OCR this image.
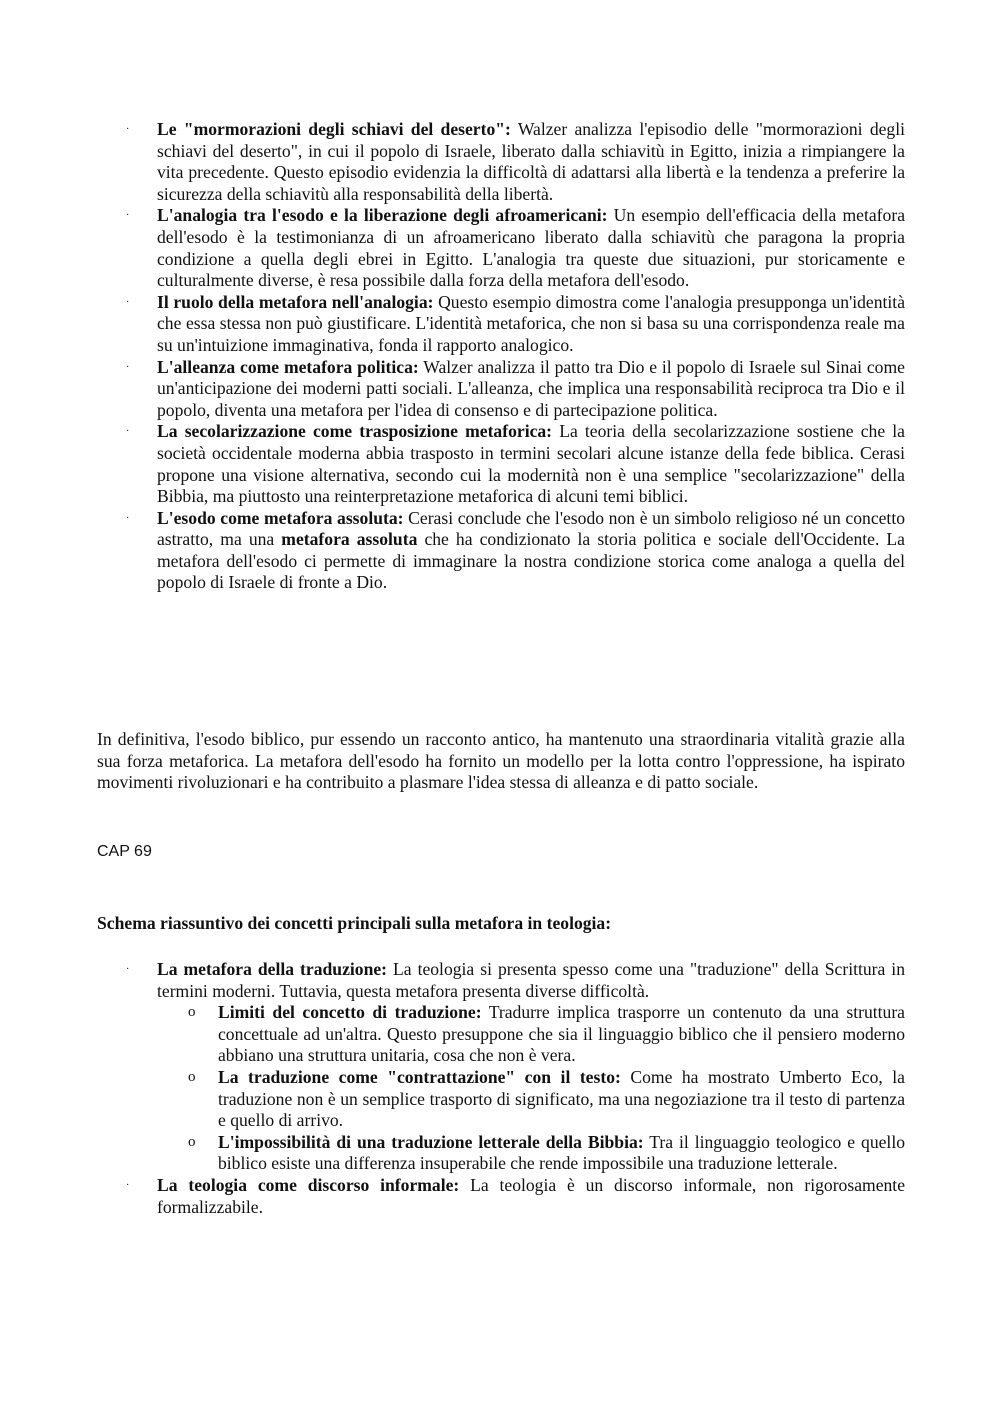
· Le "mormorazioni degli schiavi del deserto": Walzer analizza l'episodio delle "mormorazioni degli schiavi del deserto", in cui il popolo di Israele, liberato dalla schiavitù in Egitto, inizia a rimpiangere la vita precedente. Questo episodio evidenzia la difficoltà di adattarsi alla libertà e la tendenza a preferire la sicurezza della schiavitù alla responsabilità della libertà.
· L'analogia tra l'esodo e la liberazione degli afroamericani: Un esempio dell'efficacia della metafora dell'esodo è la testimonianza di un afroamericano liberato dalla schiavitù che paragona la propria condizione a quella degli ebrei in Egitto. L'analogia tra queste due situazioni, pur storicamente e culturalmente diverse, è resa possibile dalla forza della metafora dell'esodo.
· Il ruolo della metafora nell'analogia: Questo esempio dimostra come l'analogia presupponga un'identità che essa stessa non può giustificare. L'identità metaforica, che non si basa su una corrispondenza reale ma su un'intuizione immaginativa, fonda il rapporto analogico.
· L'alleanza come metafora politica: Walzer analizza il patto tra Dio e il popolo di Israele sul Sinai come un'anticipazione dei moderni patti sociali. L'alleanza, che implica una responsabilità reciproca tra Dio e il popolo, diventa una metafora per l'idea di consenso e di partecipazione politica.
· La secolarizzazione come trasposizione metaforica: La teoria della secolarizzazione sostiene che la società occidentale moderna abbia trasposto in termini secolari alcune istanze della fede biblica. Cerasi propone una visione alternativa, secondo cui la modernità non è una semplice "secolarizzazione" della Bibbia, ma piuttosto una reinterpretazione metaforica di alcuni temi biblici.
· L'esodo come metafora assoluta: Cerasi conclude che l'esodo non è un simbolo religioso né un concetto astratto, ma una metafora assoluta che ha condizionato la storia politica e sociale dell'Occidente. La metafora dell'esodo ci permette di immaginare la nostra condizione storica come analoga a quella del popolo di Israele di fronte a Dio.

In definitiva, l'esodo biblico, pur essendo un racconto antico, ha mantenuto una straordinaria vitalità grazie alla sua forza metaforica. La metafora dell'esodo ha fornito un modello per la lotta contro l'oppressione, ha ispirato movimenti rivoluzionari e ha contribuito a plasmare l'idea stessa di alleanza e di patto sociale.

CAP 69

Schema riassuntivo dei concetti principali sulla metafora in teologia:

· La metafora della traduzione: La teologia si presenta spesso come una "traduzione" della Scrittura in termini moderni. Tuttavia, questa metafora presenta diverse difficoltà.
o Limiti del concetto di traduzione: Tradurre implica trasporre un contenuto da una struttura concettuale ad un'altra. Questo presuppone che sia il linguaggio biblico che il pensiero moderno abbiano una struttura unitaria, cosa che non è vera.
o La traduzione come "contrattazione" con il testo: Come ha mostrato Umberto Eco, la traduzione non è un semplice trasporto di significato, ma una negoziazione tra il testo di partenza e quello di arrivo.
o L'impossibilità di una traduzione letterale della Bibbia: Tra il linguaggio teologico e quello biblico esiste una differenza insuperabile che rende impossibile una traduzione letterale.
· La teologia come discorso informale: La teologia è un discorso informale, non rigorosamente formalizzabile.
